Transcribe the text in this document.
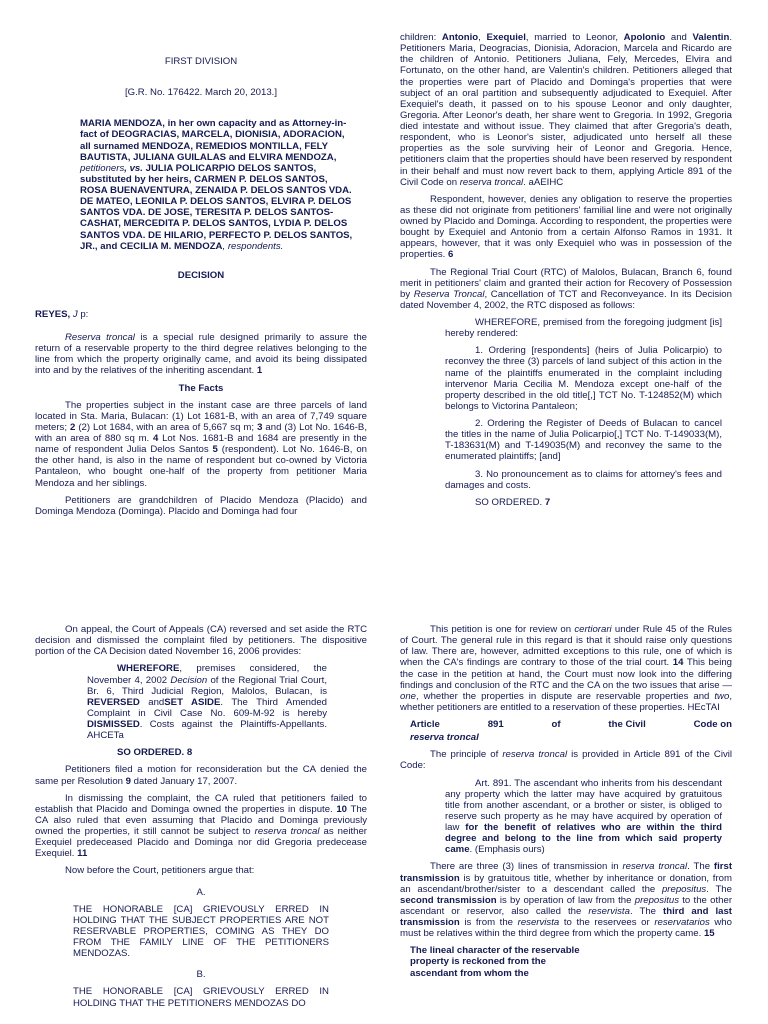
FIRST DIVISION

[G.R. No. 176422. March 20, 2013.]

MARIA MENDOZA, in her own capacity and as Attorney-in-fact of DEOGRACIAS, MARCELA, DIONISIA, ADORACION, all surnamed MENDOZA, REMEDIOS MONTILLA, FELY BAUTISTA, JULIANA GUILALAS and ELVIRA MENDOZA, petitioners, vs. JULIA POLICARPIO DELOS SANTOS, substituted by her heirs, CARMEN P. DELOS SANTOS, ROSA BUENAVENTURA, ZENAIDA P. DELOS SANTOS VDA. DE MATEO, LEONILA P. DELOS SANTOS, ELVIRA P. DELOS SANTOS VDA. DE JOSE, TERESITA P. DELOS SANTOS-CASHAT, MERCEDITA P. DELOS SANTOS, LYDIA P. DELOS SANTOS VDA. DE HILARIO, PERFECTO P. DELOS SANTOS, JR., and CECILIA M. MENDOZA, respondents.

DECISION

REYES, J p:

Reserva troncal is a special rule designed primarily to assure the return of a reservable property to the third degree relatives belonging to the line from which the property originally came, and avoid its being dissipated into and by the relatives of the inheriting ascendant. 1

The Facts

The properties subject in the instant case are three parcels of land located in Sta. Maria, Bulacan: (1) Lot 1681-B, with an area of 7,749 square meters; 2 (2) Lot 1684, with an area of 5,667 sq m; 3 and (3) Lot No. 1646-B, with an area of 880 sq m. 4 Lot Nos. 1681-B and 1684 are presently in the name of respondent Julia Delos Santos 5 (respondent). Lot No. 1646-B, on the other hand, is also in the name of respondent but co-owned by Victoria Pantaleon, who bought one-half of the property from petitioner Maria Mendoza and her siblings.

Petitioners are grandchildren of Placido Mendoza (Placido) and Dominga Mendoza (Dominga). Placido and Dominga had four

children: Antonio, Exequiel, married to Leonor, Apolonio and Valentin. Petitioners Maria, Deogracias, Dionisia, Adoracion, Marcela and Ricardo are the children of Antonio. Petitioners Juliana, Fely, Mercedes, Elvira and Fortunato, on the other hand, are Valentin's children. Petitioners alleged that the properties were part of Placido and Dominga's properties that were subject of an oral partition and subsequently adjudicated to Exequiel. After Exequiel's death, it passed on to his spouse Leonor and only daughter, Gregoria. After Leonor's death, her share went to Gregoria. In 1992, Gregoria died intestate and without issue. They claimed that after Gregoria's death, respondent, who is Leonor's sister, adjudicated unto herself all these properties as the sole surviving heir of Leonor and Gregoria. Hence, petitioners claim that the properties should have been reserved by respondent in their behalf and must now revert back to them, applying Article 891 of the Civil Code on reserva troncal. aAEIHC

Respondent, however, denies any obligation to reserve the properties as these did not originate from petitioners' familial line and were not originally owned by Placido and Dominga. According to respondent, the properties were bought by Exequiel and Antonio from a certain Alfonso Ramos in 1931. It appears, however, that it was only Exequiel who was in possession of the properties. 6

The Regional Trial Court (RTC) of Malolos, Bulacan, Branch 6, found merit in petitioners' claim and granted their action for Recovery of Possession by Reserva Troncal, Cancellation of TCT and Reconveyance. In its Decision dated November 4, 2002, the RTC disposed as follows:

WHEREFORE, premised from the foregoing judgment [is] hereby rendered:

1. Ordering [respondents] (heirs of Julia Policarpio) to reconvey the three (3) parcels of land subject of this action in the name of the plaintiffs enumerated in the complaint including intervenor Maria Cecilia M. Mendoza except one-half of the property described in the old title[,] TCT No. T-124852(M) which belongs to Victorina Pantaleon;

2. Ordering the Register of Deeds of Bulacan to cancel the titles in the name of Julia Policarpio[,] TCT No. T-149033(M), T-183631(M) and T-149035(M) and reconvey the same to the enumerated plaintiffs; [and]

3. No pronouncement as to claims for attorney's fees and damages and costs.

SO ORDERED. 7

On appeal, the Court of Appeals (CA) reversed and set aside the RTC decision and dismissed the complaint filed by petitioners. The dispositive portion of the CA Decision dated November 16, 2006 provides:

WHEREFORE, premises considered, the November 4, 2002 Decision of the Regional Trial Court, Br. 6, Third Judicial Region, Malolos, Bulacan, is REVERSED andSET ASIDE. The Third Amended Complaint in Civil Case No. 609-M-92 is hereby DISMISSED. Costs against the Plaintiffs-Appellants. AHCETa

SO ORDERED. 8

Petitioners filed a motion for reconsideration but the CA denied the same per Resolution 9 dated January 17, 2007.

In dismissing the complaint, the CA ruled that petitioners failed to establish that Placido and Dominga owned the properties in dispute. 10 The CA also ruled that even assuming that Placido and Dominga previously owned the properties, it still cannot be subject to reserva troncal as neither Exequiel predeceased Placido and Dominga nor did Gregoria predecease Exequiel. 11

Now before the Court, petitioners argue that:

A.

THE HONORABLE [CA] GRIEVOUSLY ERRED IN HOLDING THAT THE SUBJECT PROPERTIES ARE NOT RESERVABLE PROPERTIES, COMING AS THEY DO FROM THE FAMILY LINE OF THE PETITIONERS MENDOZAS.

B.

THE HONORABLE [CA] GRIEVOUSLY ERRED IN HOLDING THAT THE PETITIONERS MENDOZAS DO

This petition is one for review on certiorari under Rule 45 of the Rules of Court. The general rule in this regard is that it should raise only questions of law. There are, however, admitted exceptions to this rule, one of which is when the CA's findings are contrary to those of the trial court. 14 This being the case in the petition at hand, the Court must now look into the differing findings and conclusion of the RTC and the CA on the two issues that arise — one, whether the properties in dispute are reservable properties and two, whether petitioners are entitled to a reservation of these properties. HEcTAI

Article	891	of	the Civil	Code on

reserva troncal

The principle of reserva troncal is provided in Article 891 of the Civil Code:

Art. 891. The ascendant who inherits from his descendant any property which the latter may have acquired by gratuitous title from another ascendant, or a brother or sister, is obliged to reserve such property as he may have acquired by operation of law for the benefit of relatives who are within the third degree and belong to the line from which said property came. (Emphasis ours)

There are three (3) lines of transmission in reserva troncal. The first transmission is by gratuitous title, whether by inheritance or donation, from an ascendant/brother/sister to a descendant called the prepositus. The second transmission is by operation of law from the prepositus to the other ascendant or reservor, also called the reservista. The third and last transmission is from the reservista to the reservees or reservatarios who must be relatives within the third degree from which the property came. 15

The lineal character of the reservable property is reckoned from the ascendant from whom the
